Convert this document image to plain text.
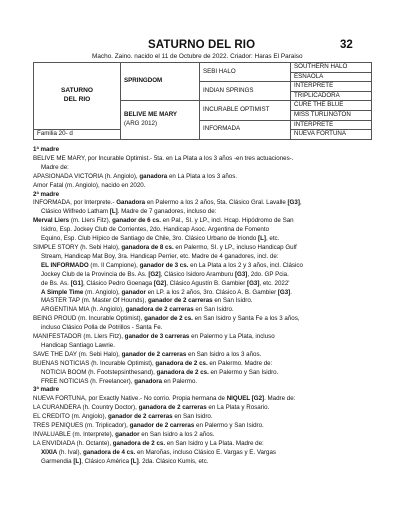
SATURNO DEL RIO	32
Macho. Zaino. nacido el 11 de Octubre de 2022. Criador: Haras El Paraiso
SATURNO
DEL RIO	SPRINGDOM	SEBI HALO	SOUTHERN HALO
			ESNAOLA
		INDIAN SPRINGS	INTERPRETE
			TRIPLICADORA
	BELIVE ME MARY
(ARG 2012)	INCURABLE OPTIMIST	CURE THE BLUE
			MISS TURLINGTON
		INFORMADA	INTERPRETE
Familia 20- d			NUEVA FORTUNA

1ª madre

BELIVE ME MARY, por Incurable Optimist.- 5ta. en La Plata a los 3 años -en tres actuaciones-.

Madre de:

APASIONADA VICTORIA (h. Angiolo), ganadora en La Plata a los 3 años.

Amor Fatal (m. Angiolo), nacido en 2020.

2ª madre

INFORMADA, por Interprete.- Ganadora en Palermo a los 2 años, 5ta. Clásico Gral. Lavalle [G3],

Clásico Wilfredo Latham [L]. Madre de 7 ganadores, incluso de:

Merval Liers (m. Llers Fitz), ganador de 6 cs. en Pal., SI. y LP., incl. Hcap. Hipódromo de San

Isidro, Esp. Jockey Club de Corrientes, 2do. Handicap Asoc. Argentina de Fomento

Equino, Esp. Club Hípico de Santiago de Chile, 3ro. Clásico Urbano de Iriondo [L], etc.

SIMPLE STORY (h. Sebi Halo), ganadora de 8 cs. en Palermo, SI. y LP., incluso Handicap Gulf

Stream, Handicap Mat Boy, 3ra. Handicap Perrier, etc. Madre de 4 ganadores, incl. de:

EL INFORMADO (m. Il Campione), ganador de 3 cs. en La Plata a los 2 y 3 años, incl. Clásico

Jockey Club de la Provincia de Bs. As. [G2], Clásico Isidoro Aramburu [G3], 2do. GP Pcia.

de Bs. As. [G1], Clásico Pedro Goenaga [G2], Clásico Agustín B. Gambier [G3], etc. 2022'

A Simple Time (m. Angiolo), ganador en LP. a los 2 años, 3ro. Clásico A. B. Gambier [G3].

MASTER TAP (m. Master Of Hounds), ganador de 2 carreras en San Isidro.

ARGENTINA MIA (h. Angiolo), ganadora de 2 carreras en San Isidro.

BEING PROUD (m. Incurable Optimist), ganador de 2 cs. en San Isidro y Santa Fe a los 3 años,

incluso Clásico Polla de Potrillos - Santa Fe.

MANIFESTADOR (m. Llers Fitz), ganador de 3 carreras en Palermo y La Plata, incluso

Handicap Santiago Lawrie.

SAVE THE DAY (m. Sebi Halo), ganador de 2 carreras en San Isidro a los 3 años.

BUENAS NOTICIAS (h. Incurable Optimist), ganadora de 2 cs. en Palermo. Madre de:

NOTICIA BOOM (h. Footstepsinthesand), ganadora de 2 cs. en Palermo y San Isidro.

FREE NOTICIAS (h. Freelancer), ganadora en Palermo.

3ª madre

NUEVA FORTUNA, por Exactly Native.- No corrio. Propia hermana de NIQUEL [G2]. Madre de:

LA CURANDERA (h. Country Doctor), ganadora de 2 carreras en La Plata y Rosario.

EL CREDITO (m. Angiolo), ganador de 2 carreras en San Isidro.

TRES PENIQUES (m. Triplicador), ganador de 2 carreras en Palermo y San Isidro.

INVALUABLE (m. Interprete), ganador en San Isidro a los 2 años.

LA ENVIDIADA (h. Octante), ganadora de 2 cs. en San Isidro y La Plata. Madre de:

XIXIA (h. Ival), ganadora de 4 cs. en Maroñas, incluso Clásico E. Vargas y E. Vargas

Garmendia [L], Clásico América [L]. 2da. Clásico Kumis, etc.
